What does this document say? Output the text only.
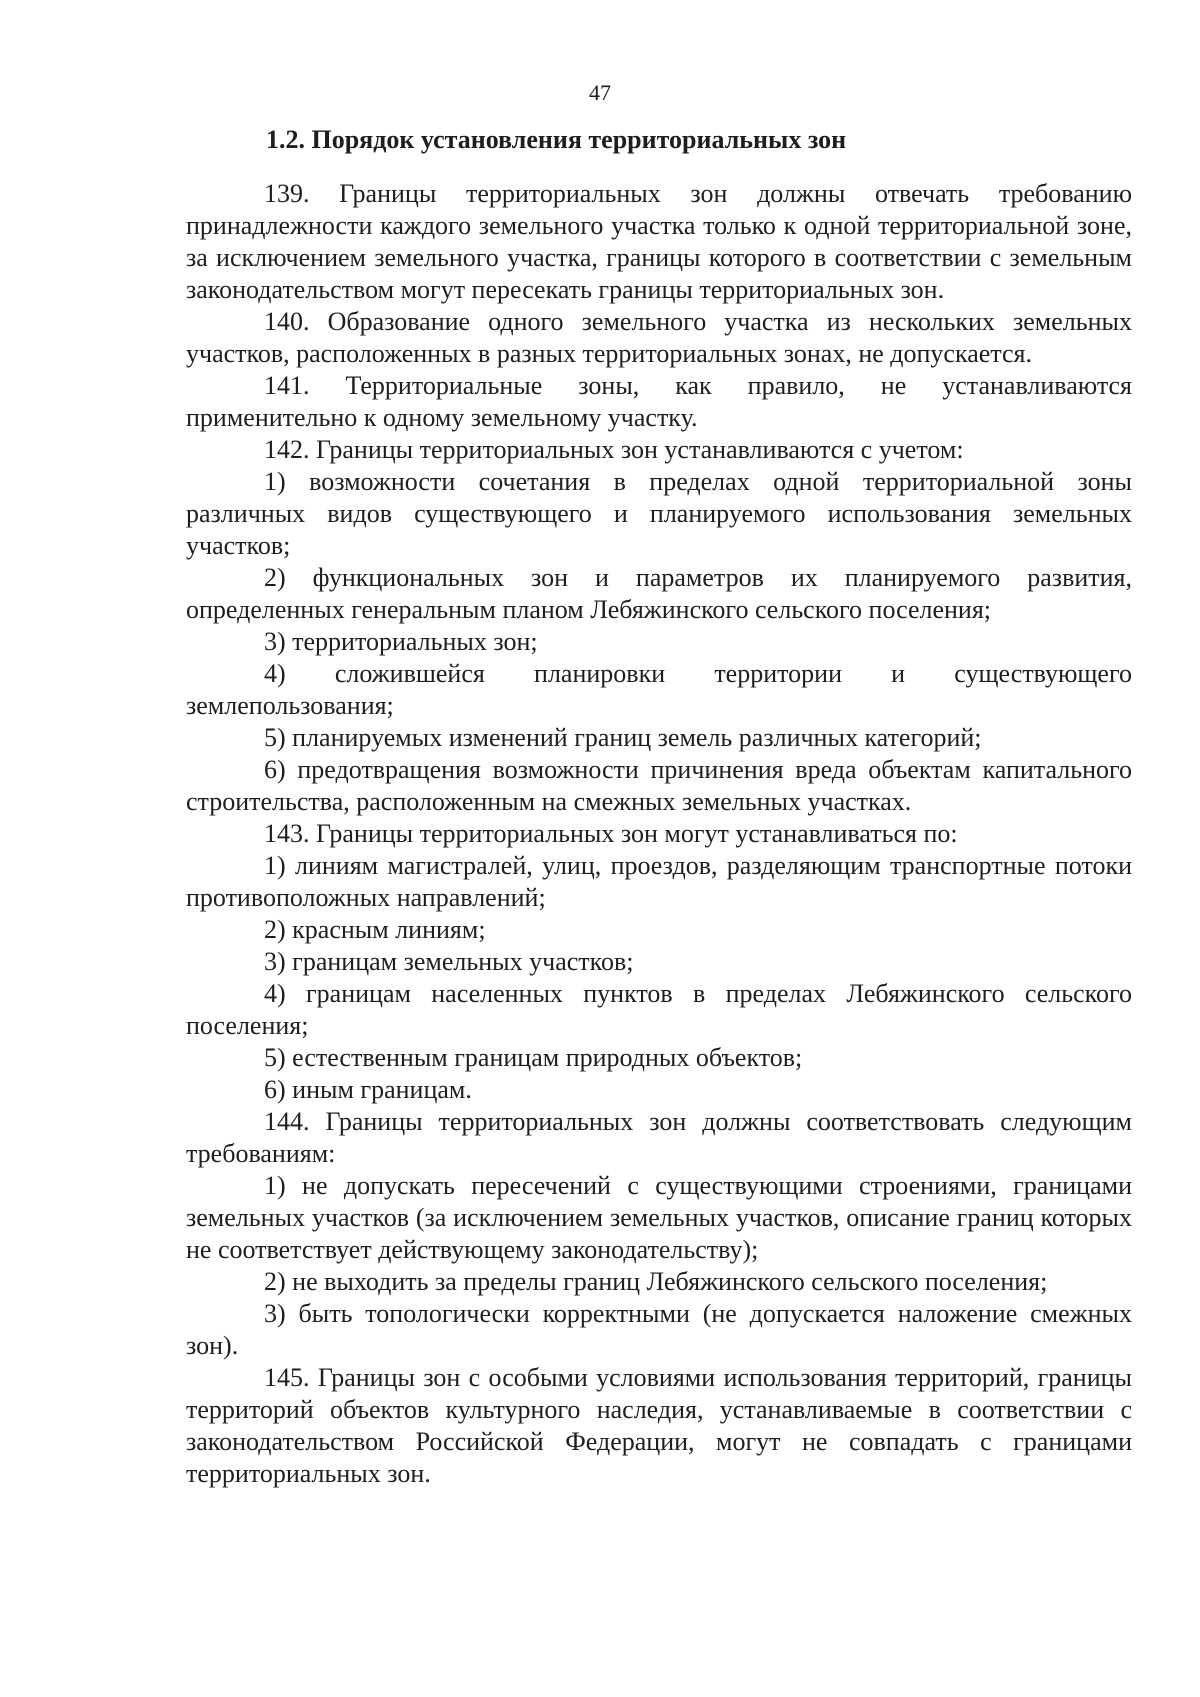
47
1.2. Порядок установления территориальных зон

139. Границы территориальных зон должны отвечать требованию принадлежности каждого земельного участка только к одной территориальной зоне, за исключением земельного участка, границы которого в соответствии с земельным законодательством могут пересекать границы территориальных зон.

140. Образование одного земельного участка из нескольких земельных участков, расположенных в разных территориальных зонах, не допускается.

141. Территориальные зоны, как правило, не устанавливаются применительно к одному земельному участку.

142. Границы территориальных зон устанавливаются с учетом:

1) возможности сочетания в пределах одной территориальной зоны различных видов существующего и планируемого использования земельных участков;

2) функциональных зон и параметров их планируемого развития, определенных генеральным планом Лебяжинского сельского поселения;

3) территориальных зон;

4) сложившейся планировки территории и существующего землепользования;

5) планируемых изменений границ земель различных категорий;

6) предотвращения возможности причинения вреда объектам капитального строительства, расположенным на смежных земельных участках.

143. Границы территориальных зон могут устанавливаться по:

1) линиям магистралей, улиц, проездов, разделяющим транспортные потоки противоположных направлений;

2) красным линиям;

3) границам земельных участков;

4) границам населенных пунктов в пределах Лебяжинского сельского поселения;

5) естественным границам природных объектов;

6) иным границам.

144. Границы территориальных зон должны соответствовать следующим требованиям:

1) не допускать пересечений с существующими строениями, границами земельных участков (за исключением земельных участков, описание границ которых не соответствует действующему законодательству);

2) не выходить за пределы границ Лебяжинского сельского поселения;

3) быть топологически корректными (не допускается наложение смежных зон).

145. Границы зон с особыми условиями использования территорий, границы территорий объектов культурного наследия, устанавливаемые в соответствии с законодательством Российской Федерации, могут не совпадать с границами территориальных зон.
